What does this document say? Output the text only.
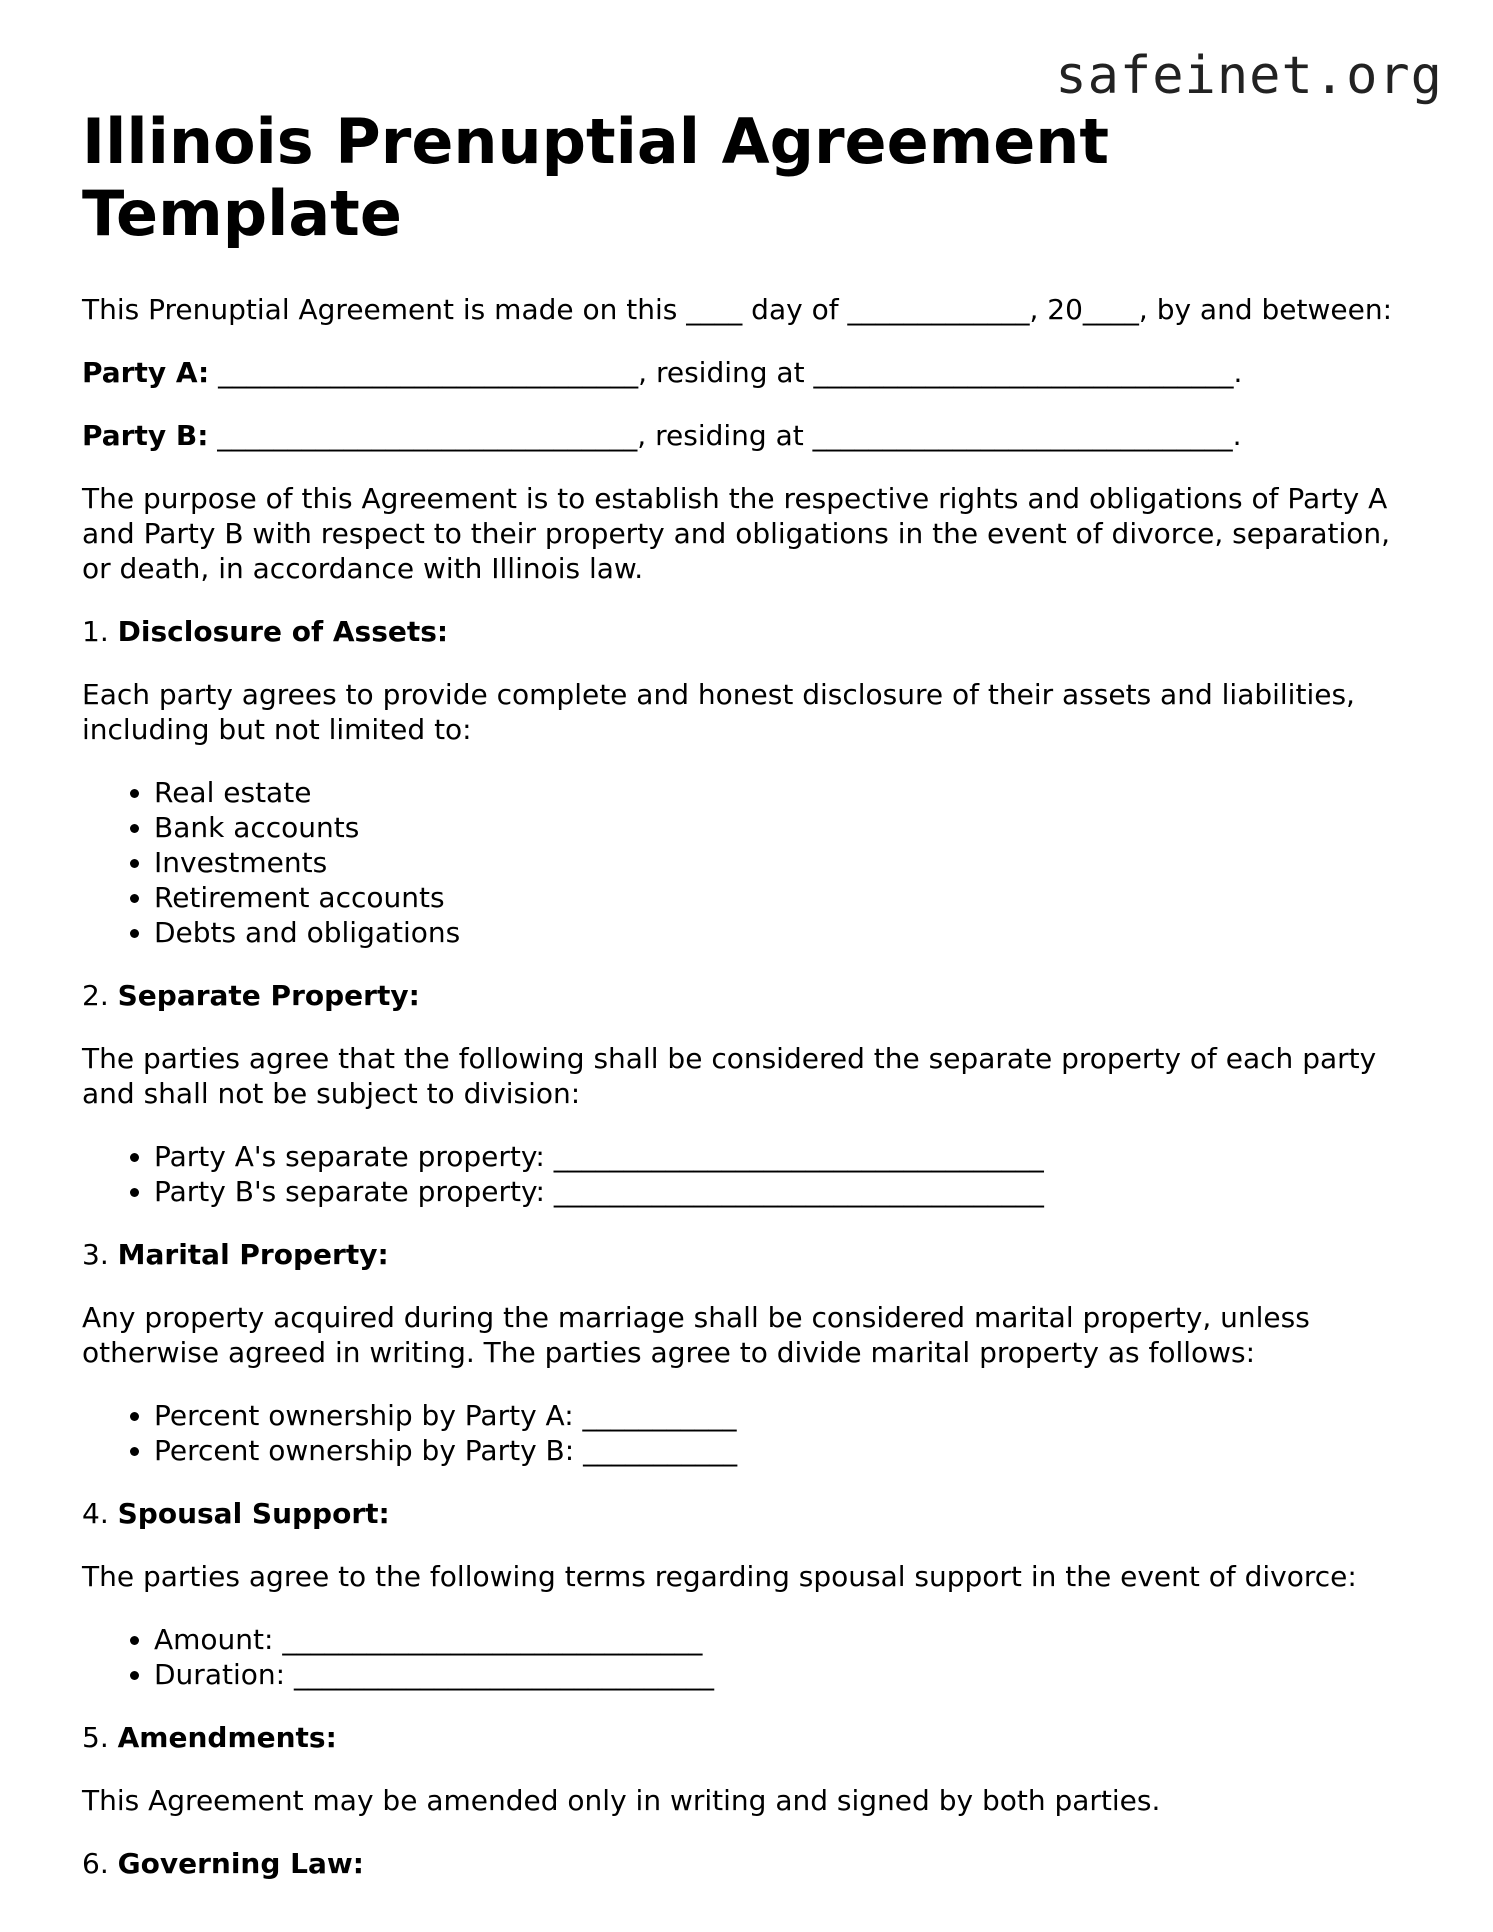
safeinet.org
Illinois Prenuptial Agreement Template

This Prenuptial Agreement is made on this ____ day of _____________, 20____, by and between:

Party A: ______________________________, residing at ______________________________.
Party B: ______________________________, residing at ______________________________.

The purpose of this Agreement is to establish the respective rights and obligations of Party A and Party B with respect to their property and obligations in the event of divorce, separation, or death, in accordance with Illinois law.

1. Disclosure of Assets:

Each party agrees to provide complete and honest disclosure of their assets and liabilities, including but not limited to:

• Real estate
• Bank accounts
• Investments
• Retirement accounts
• Debts and obligations
2. Separate Property:

The parties agree that the following shall be considered the separate property of each party and shall not be subject to division:

• Party A's separate property: ___________________________________
• Party B's separate property: ___________________________________
3. Marital Property:

Any property acquired during the marriage shall be considered marital property, unless otherwise agreed in writing. The parties agree to divide marital property as follows:

• Percent ownership by Party A: ___________
• Percent ownership by Party B: ___________
4. Spousal Support:

The parties agree to the following terms regarding spousal support in the event of divorce:

• Amount: ______________________________
• Duration: ______________________________
5. Amendments:

This Agreement may be amended only in writing and signed by both parties.

6. Governing Law:
